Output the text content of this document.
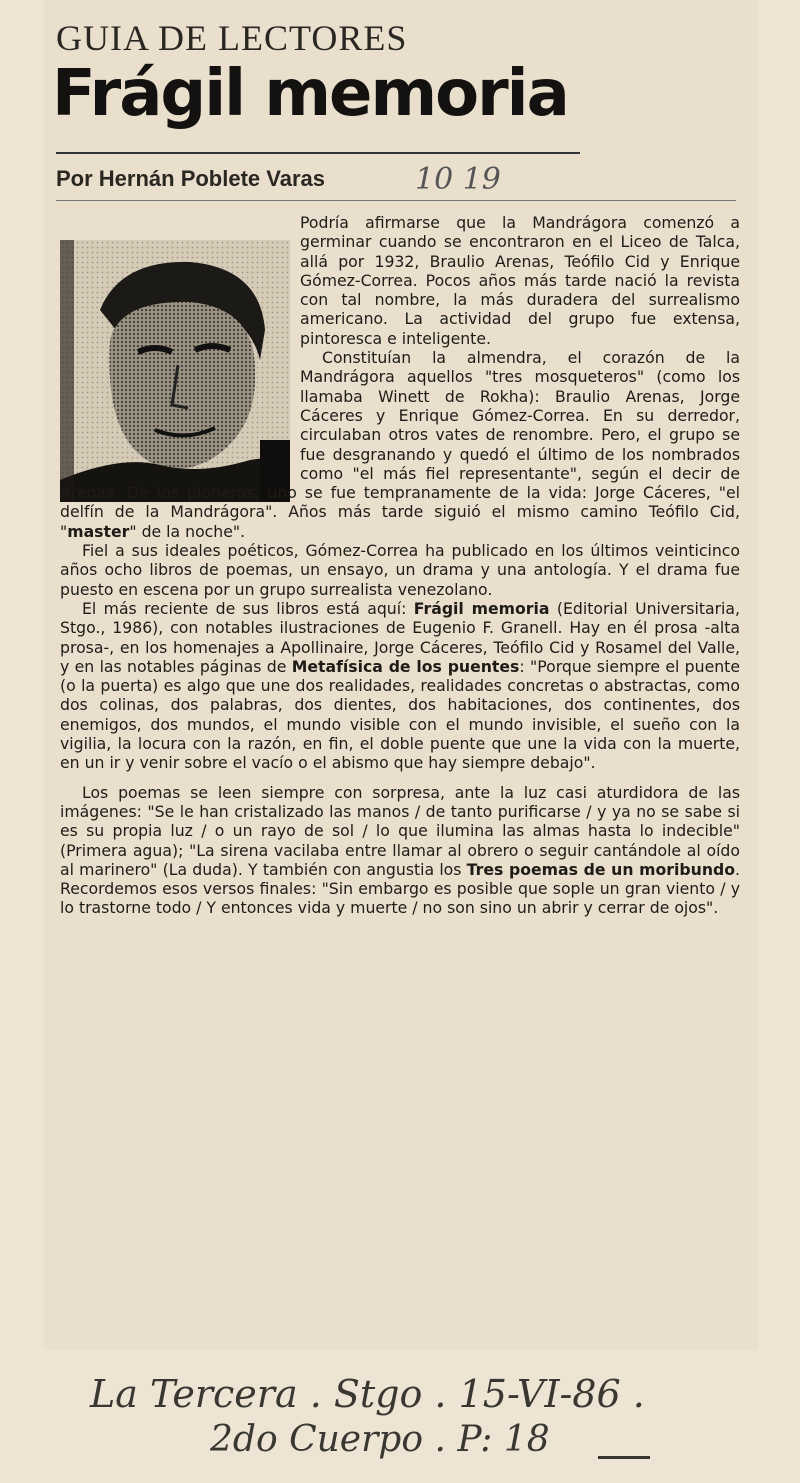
GUIA DE LECTORES
Frágil memoria
Por Hernán Poblete Varas	10 19

Podría afirmarse que la Mandrágora comenzó a germinar cuando se encontraron en el Liceo de Talca, allá por 1932, Braulio Arenas, Teófilo Cid y Enrique Gómez-Correa. Pocos años más tarde nació la revista con tal nombre, la más duradera del surrealismo americano. La actividad del grupo fue extensa, pintoresca e inteligente.

Constituían la almendra, el corazón de la Mandrágora aquellos "tres mosqueteros" (como los llamaba Winett de Rokha): Braulio Arenas, Jorge Cáceres y Enrique Gómez-Correa. En su derredor, circulaban otros vates de renombre. Pero, el grupo se fue desgranando y quedó el último de los nombrados como "el más fiel representante", según el decir de Arenas. De los pioneros, uno se fue tempranamente de la vida: Jorge Cáceres, "el delfín de la Mandrágora". Años más tarde siguió el mismo camino Teófilo Cid, "master" de la noche".

Fiel a sus ideales poéticos, Gómez-Correa ha publicado en los últimos veinticinco años ocho libros de poemas, un ensayo, un drama y una antología. Y el drama fue puesto en escena por un grupo surrealista venezolano.

El más reciente de sus libros está aquí: Frágil memoria (Editorial Universitaria, Stgo., 1986), con notables ilustraciones de Eugenio F. Granell. Hay en él prosa -alta prosa-, en los homenajes a Apollinaire, Jorge Cáceres, Teófilo Cid y Rosamel del Valle, y en las notables páginas de Metafísica de los puentes: "Porque siempre el puente (o la puerta) es algo que une dos realidades, realidades concretas o abstractas, como dos colinas, dos palabras, dos dientes, dos habitaciones, dos continentes, dos enemigos, dos mundos, el mundo visible con el mundo invisible, el sueño con la vigilia, la locura con la razón, en fin, el doble puente que une la vida con la muerte, en un ir y venir sobre el vacío o el abismo que hay siempre debajo".

Los poemas se leen siempre con sorpresa, ante la luz casi aturdidora de las imágenes: "Se le han cristalizado las manos / de tanto purificarse / y ya no se sabe si es su propia luz / o un rayo de sol / lo que ilumina las almas hasta lo indecible" (Primera agua); "La sirena vacilaba entre llamar al obrero o seguir cantándole al oído al marinero" (La duda). Y también con angustia los Tres poemas de un moribundo. Recordemos esos versos finales: "Sin embargo es posible que sople un gran viento / y lo trastorne todo / Y entonces vida y muerte / no son sino un abrir y cerrar de ojos".

La Tercera . Stgo . 15-VI-86 .
2do Cuerpo . P: 18
